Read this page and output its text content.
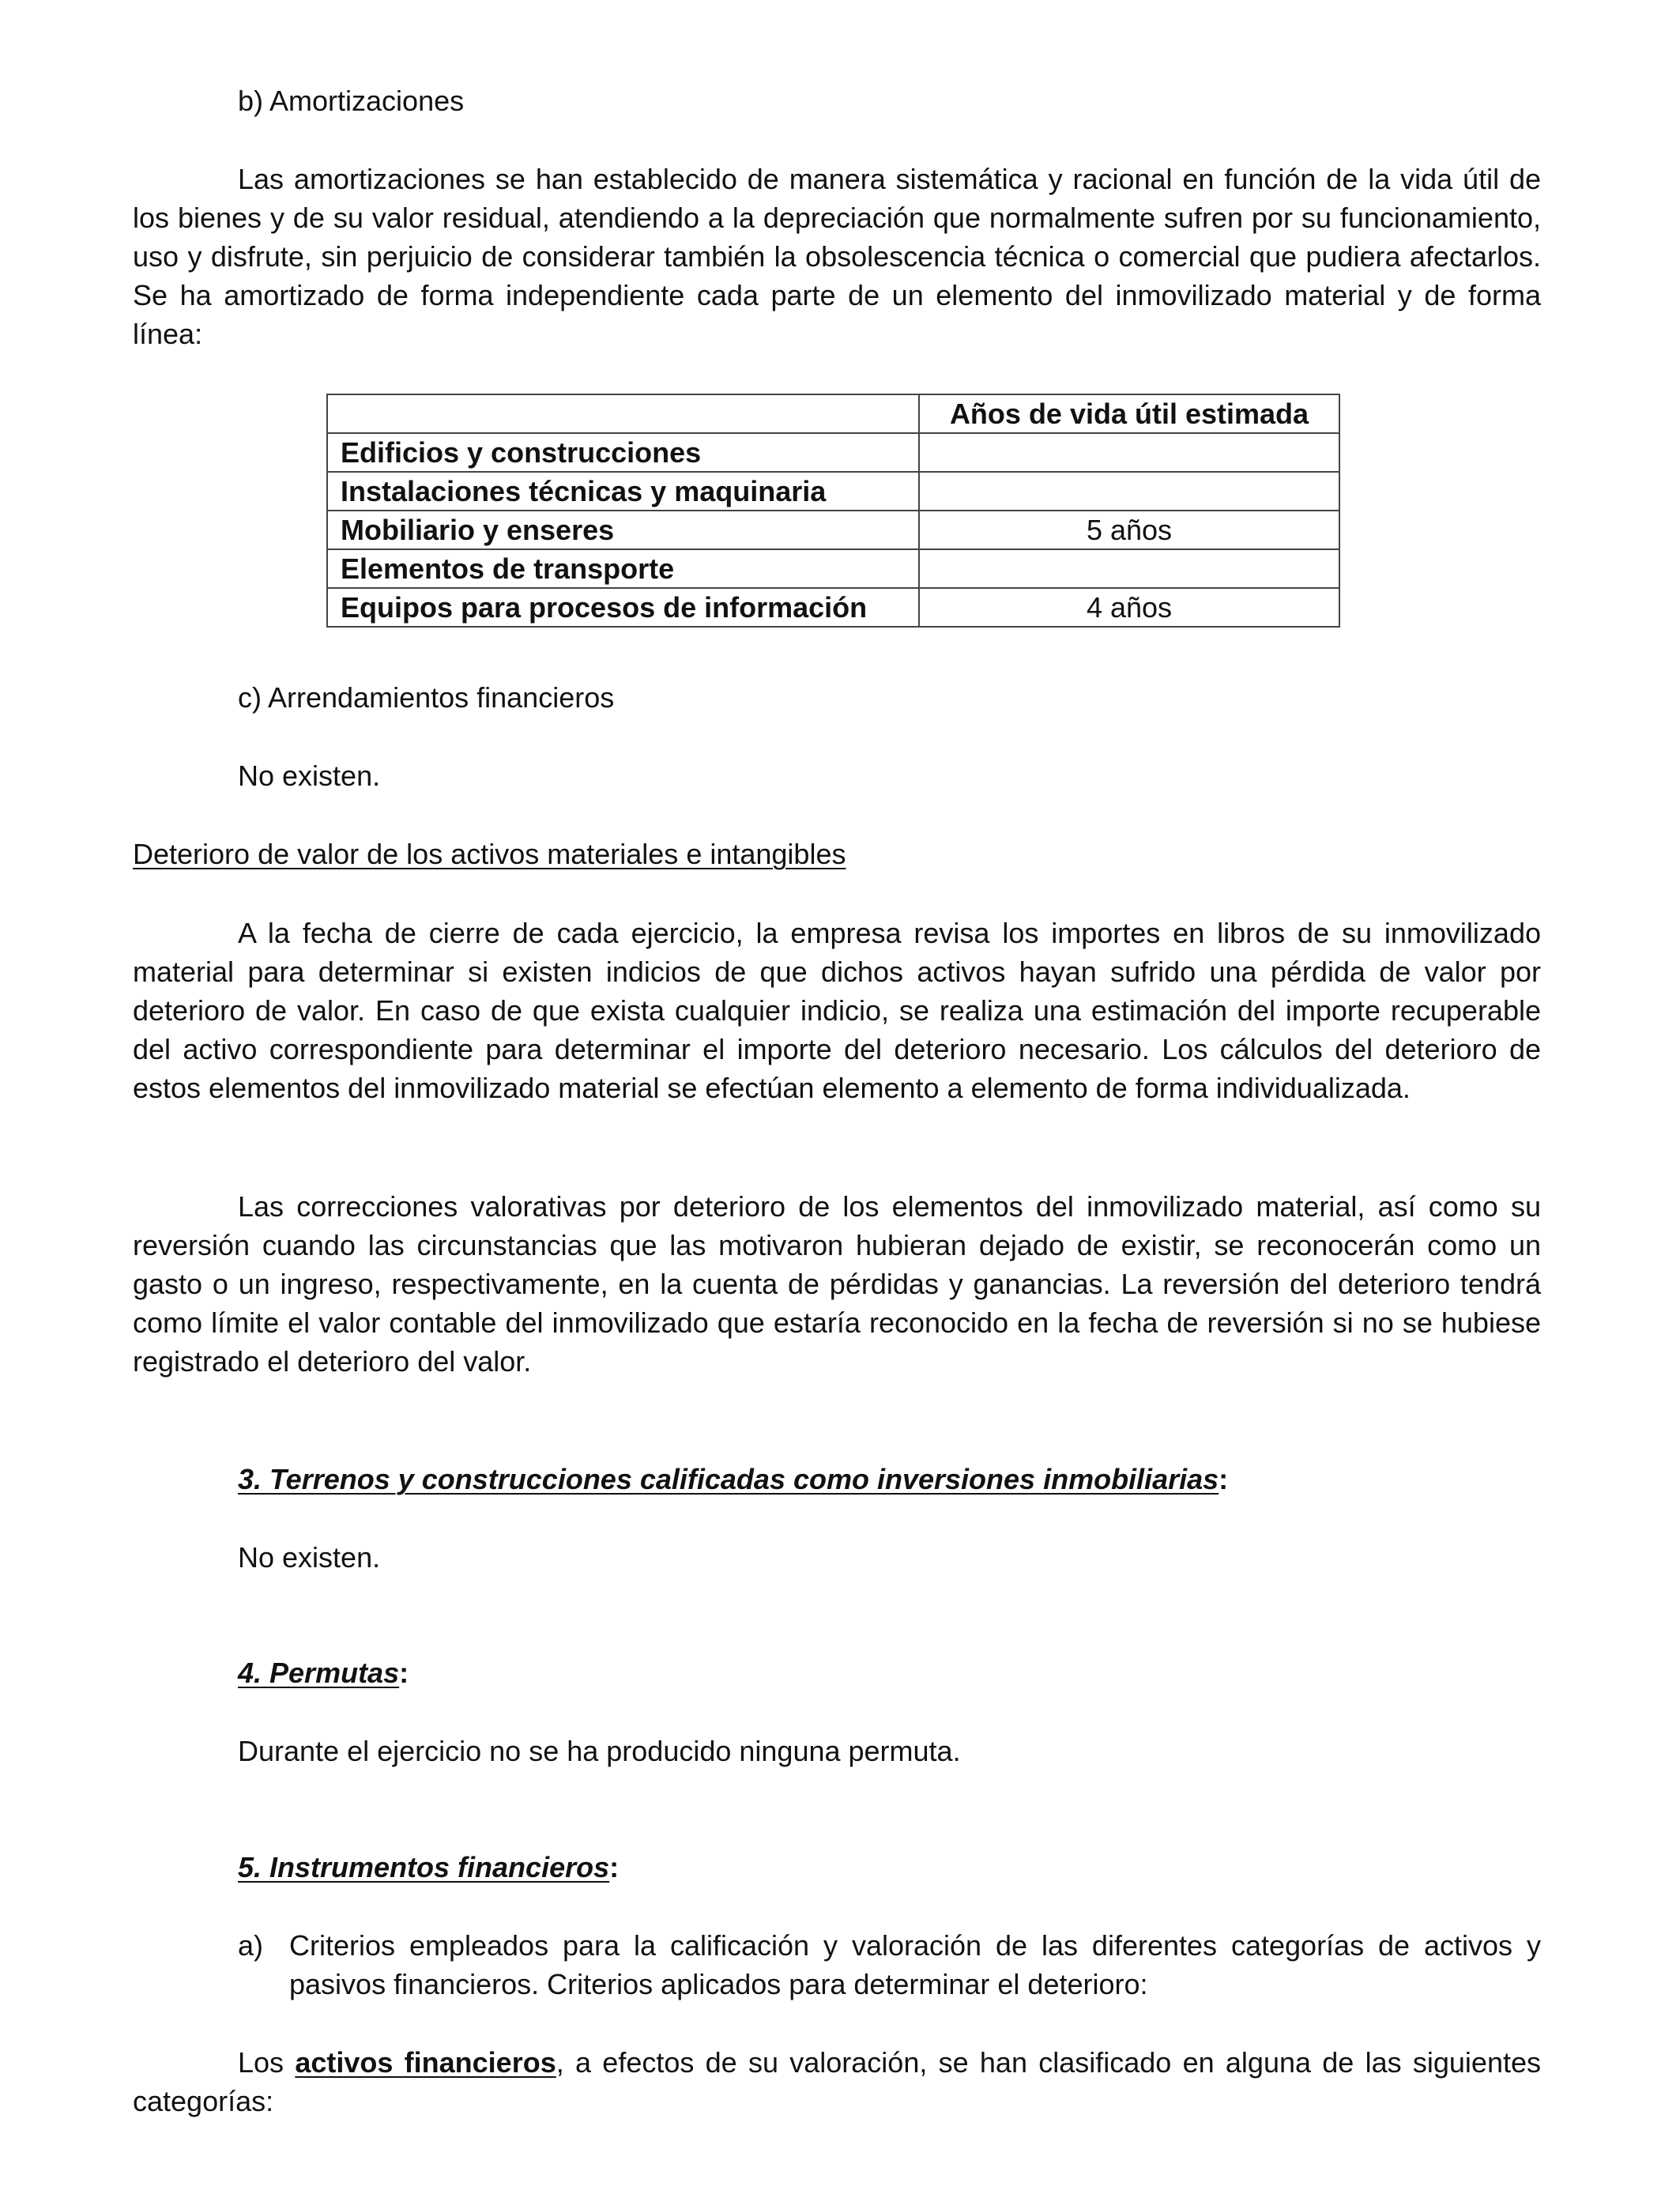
b) Amortizaciones
Las amortizaciones se han establecido de manera sistemática y racional en función de la vida útil de los bienes y de su valor residual, atendiendo a la depreciación que normalmente sufren por su funcionamiento, uso y disfrute, sin perjuicio de considerar también la obsolescencia técnica o comercial que pudiera afectarlos. Se ha amortizado de forma independiente cada parte de un elemento del inmovilizado material y de forma línea:
	Años de vida útil estimada
Edificios y construcciones	
Instalaciones técnicas y maquinaria	
Mobiliario y enseres	5 años
Elementos de transporte	
Equipos para procesos de información	4 años
c) Arrendamientos financieros
No existen.
Deterioro de valor de los activos materiales e intangibles
A la fecha de cierre de cada ejercicio, la empresa revisa los importes en libros de su inmovilizado material para determinar si existen indicios de que dichos activos hayan sufrido una pérdida de valor por deterioro de valor. En caso de que exista cualquier indicio, se realiza una estimación del importe recuperable del activo correspondiente para determinar el importe del deterioro necesario. Los cálculos del deterioro de estos elementos del inmovilizado material se efectúan elemento a elemento de forma individualizada.
Las correcciones valorativas por deterioro de los elementos del inmovilizado material, así como su reversión cuando las circunstancias que las motivaron hubieran dejado de existir, se reconocerán como un gasto o un ingreso, respectivamente, en la cuenta de pérdidas y ganancias. La reversión del deterioro tendrá como límite el valor contable del inmovilizado que estaría reconocido en la fecha de reversión si no se hubiese registrado el deterioro del valor.
3. Terrenos y construcciones calificadas como inversiones inmobiliarias:
No existen.
4. Permutas:
Durante el ejercicio no se ha producido ninguna permuta.
5. Instrumentos financieros:
a) Criterios empleados para la calificación y valoración de las diferentes categorías de activos y pasivos financieros. Criterios aplicados para determinar el deterioro:
Los activos financieros, a efectos de su valoración, se han clasificado en alguna de las siguientes categorías:
